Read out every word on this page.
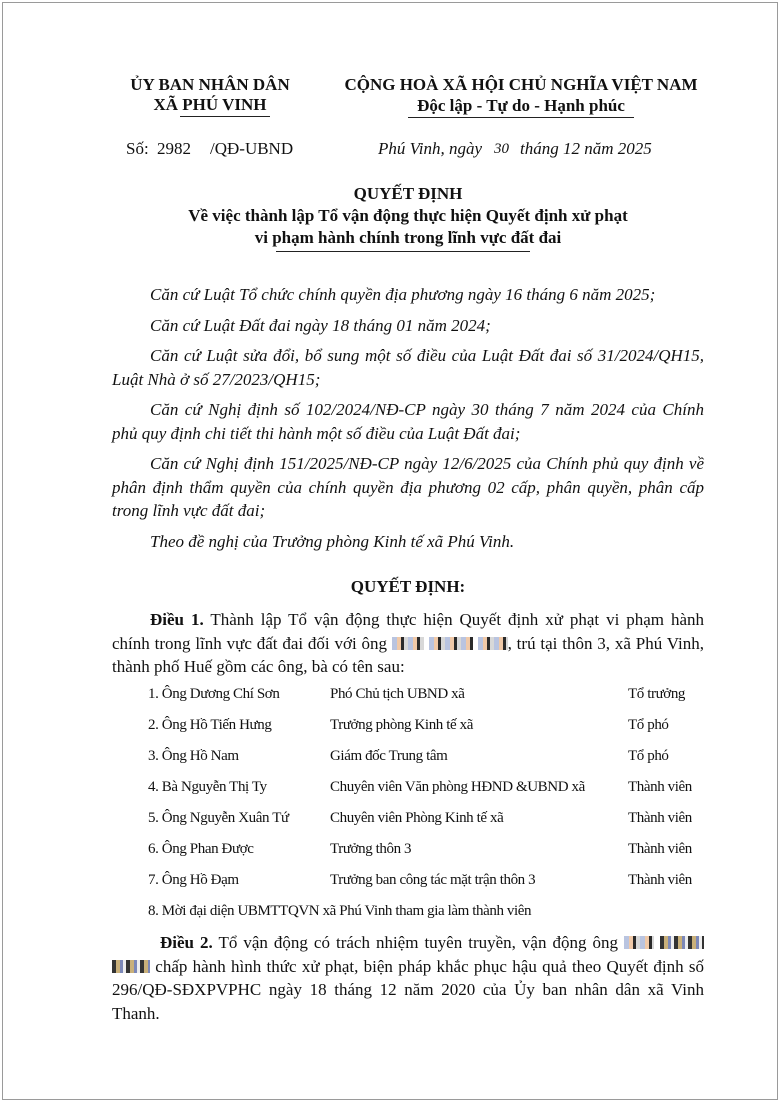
ỦY BAN NHÂN DÂN
XÃ PHÚ VINH
CỘNG HOÀ XÃ HỘI CHỦ NGHĨA VIỆT NAM
Độc lập - Tự do - Hạnh phúc
Số: 2982 /QĐ-UBND	Phú Vinh, ngày 30 tháng 12 năm 2025
QUYẾT ĐỊNH
Về việc thành lập Tổ vận động thực hiện Quyết định xử phạt
vi phạm hành chính trong lĩnh vực đất đai
Căn cứ Luật Tổ chức chính quyền địa phương ngày 16 tháng 6 năm 2025;
Căn cứ Luật Đất đai ngày 18 tháng 01 năm 2024;
Căn cứ Luật sửa đổi, bổ sung một số điều của Luật Đất đai số 31/2024/QH15, Luật Nhà ở số 27/2023/QH15;
Căn cứ Nghị định số 102/2024/NĐ-CP ngày 30 tháng 7 năm 2024 của Chính phủ quy định chi tiết thi hành một số điều của Luật Đất đai;
Căn cứ Nghị định 151/2025/NĐ-CP ngày 12/6/2025 của Chính phủ quy định về phân định thẩm quyền của chính quyền địa phương 02 cấp, phân quyền, phân cấp trong lĩnh vực đất đai;
Theo đề nghị của Trưởng phòng Kinh tế xã Phú Vinh.
QUYẾT ĐỊNH:
Điều 1. Thành lập Tổ vận động thực hiện Quyết định xử phạt vi phạm hành chính trong lĩnh vực đất đai đối với ông	, trú tại thôn 3, xã Phú Vinh, thành phố Huế gồm các ông, bà có tên sau:
1. Ông Dương Chí Sơn	Phó Chủ tịch UBND xã	Tổ trưởng
2. Ông Hồ Tiến Hưng	Trưởng phòng Kinh tế xã	Tổ phó
3. Ông Hồ Nam	Giám đốc Trung tâm	Tổ phó
4. Bà Nguyễn Thị Ty	Chuyên viên Văn phòng HĐND &UBND xã	Thành viên
5. Ông Nguyễn Xuân Tứ	Chuyên viên Phòng Kinh tế xã	Thành viên
6. Ông Phan Được	Trưởng thôn 3	Thành viên
7. Ông Hồ Đạm	Trưởng ban công tác mặt trận thôn 3	Thành viên
8. Mời đại diện UBMTTQVN xã Phú Vinh tham gia làm thành viên
Điều 2. Tổ vận động có trách nhiệm tuyên truyền, vận động ông    chấp hành hình thức xử phạt, biện pháp khắc phục hậu quả theo Quyết định số 296/QĐ-SĐXPVPHC ngày 18 tháng 12 năm 2020 của Ủy ban nhân dân xã Vinh Thanh.
